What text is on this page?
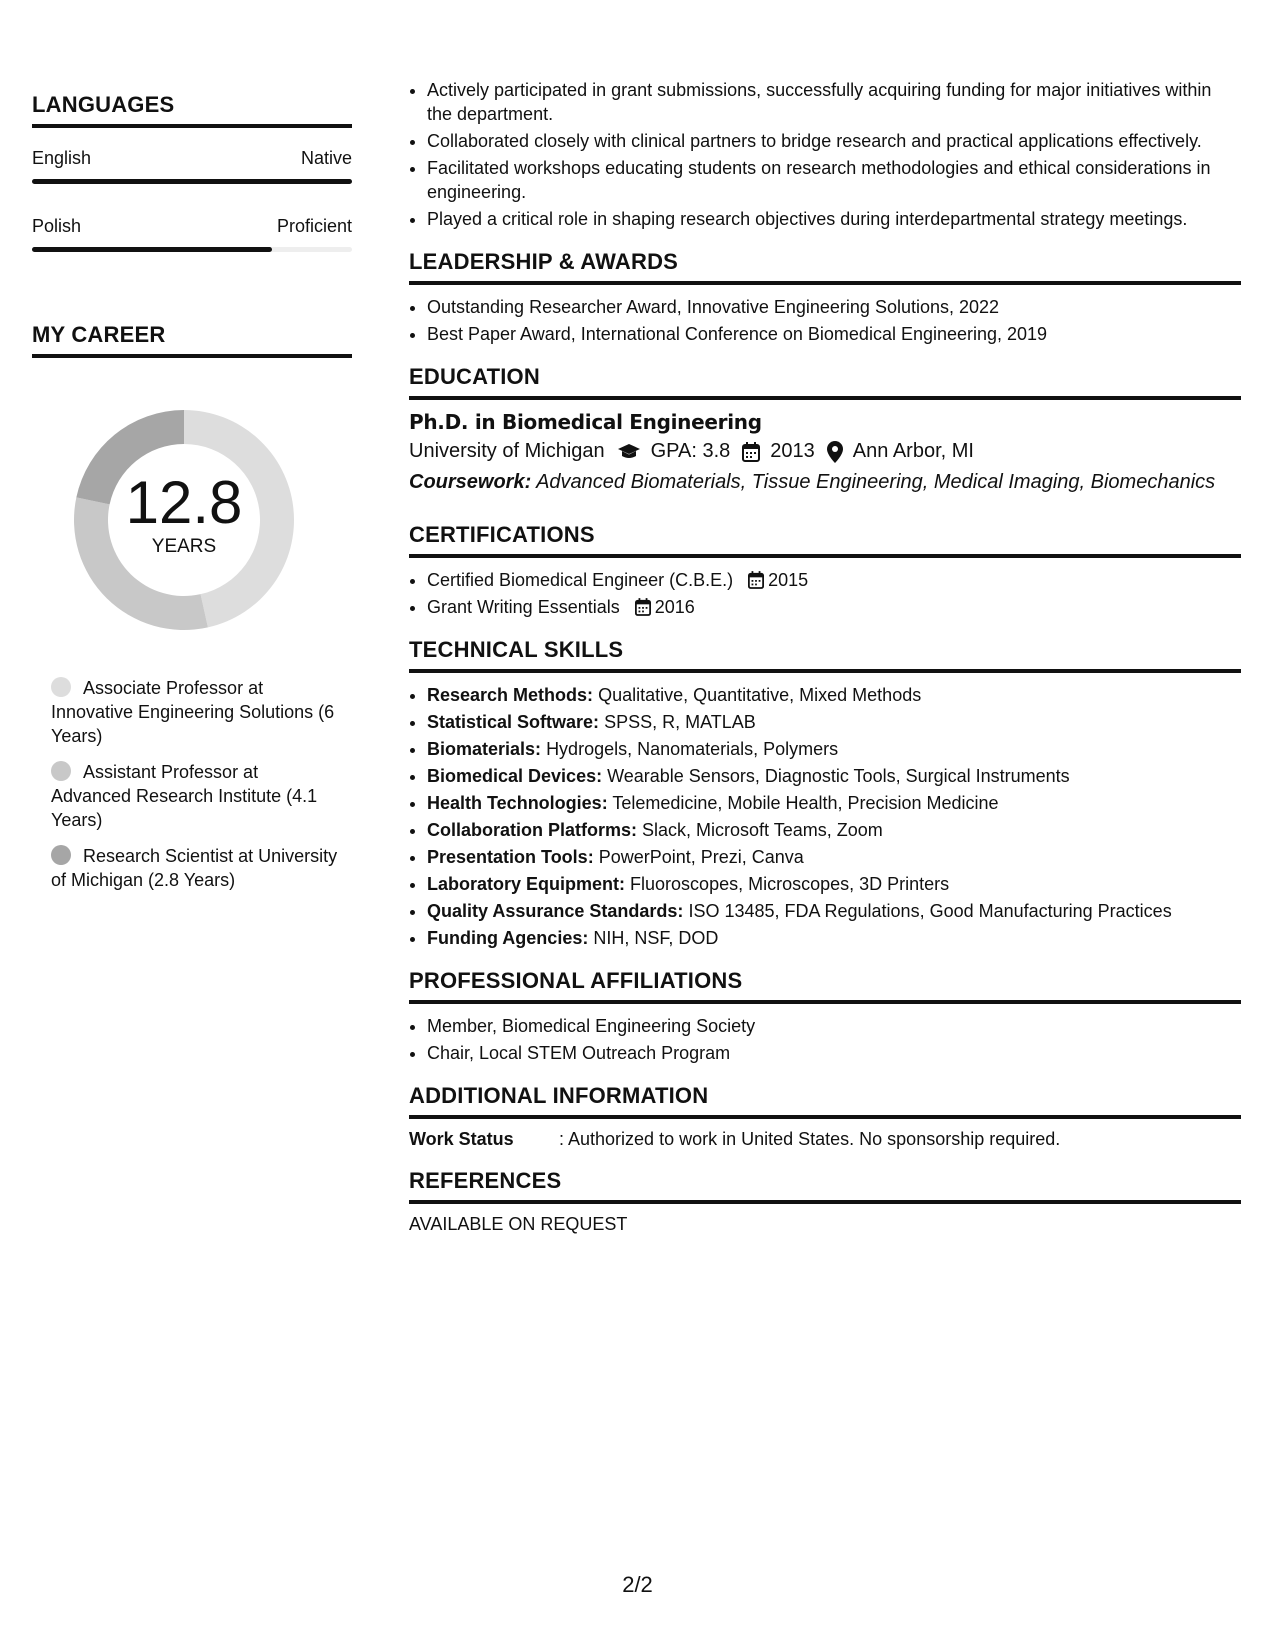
LANGUAGES
English	Native
Polish	Proficient
MY CAREER
12.8
YEARS
Associate Professor at Innovative Engineering Solutions (6 Years)
Assistant Professor at Advanced Research Institute (4.1 Years)
Research Scientist at University of Michigan (2.8 Years)
• Actively participated in grant submissions, successfully acquiring funding for major initiatives within the department.
• Collaborated closely with clinical partners to bridge research and practical applications effectively.
• Facilitated workshops educating students on research methodologies and ethical considerations in engineering.
• Played a critical role in shaping research objectives during interdepartmental strategy meetings.
LEADERSHIP & AWARDS
• Outstanding Researcher Award, Innovative Engineering Solutions, 2022
• Best Paper Award, International Conference on Biomedical Engineering, 2019
EDUCATION
Ph.D. in Biomedical Engineering
University of Michigan GPA: 3.8 2013 Ann Arbor, MI
Coursework: Advanced Biomaterials, Tissue Engineering, Medical Imaging, Biomechanics
CERTIFICATIONS
• Certified Biomedical Engineer (C.B.E.) 2015
• Grant Writing Essentials 2016
TECHNICAL SKILLS
• Research Methods: Qualitative, Quantitative, Mixed Methods
• Statistical Software: SPSS, R, MATLAB
• Biomaterials: Hydrogels, Nanomaterials, Polymers
• Biomedical Devices: Wearable Sensors, Diagnostic Tools, Surgical Instruments
• Health Technologies: Telemedicine, Mobile Health, Precision Medicine
• Collaboration Platforms: Slack, Microsoft Teams, Zoom
• Presentation Tools: PowerPoint, Prezi, Canva
• Laboratory Equipment: Fluoroscopes, Microscopes, 3D Printers
• Quality Assurance Standards: ISO 13485, FDA Regulations, Good Manufacturing Practices
• Funding Agencies: NIH, NSF, DOD
PROFESSIONAL AFFILIATIONS
• Member, Biomedical Engineering Society
• Chair, Local STEM Outreach Program
ADDITIONAL INFORMATION
Work Status	: Authorized to work in United States. No sponsorship required.
REFERENCES
AVAILABLE ON REQUEST
2/2
